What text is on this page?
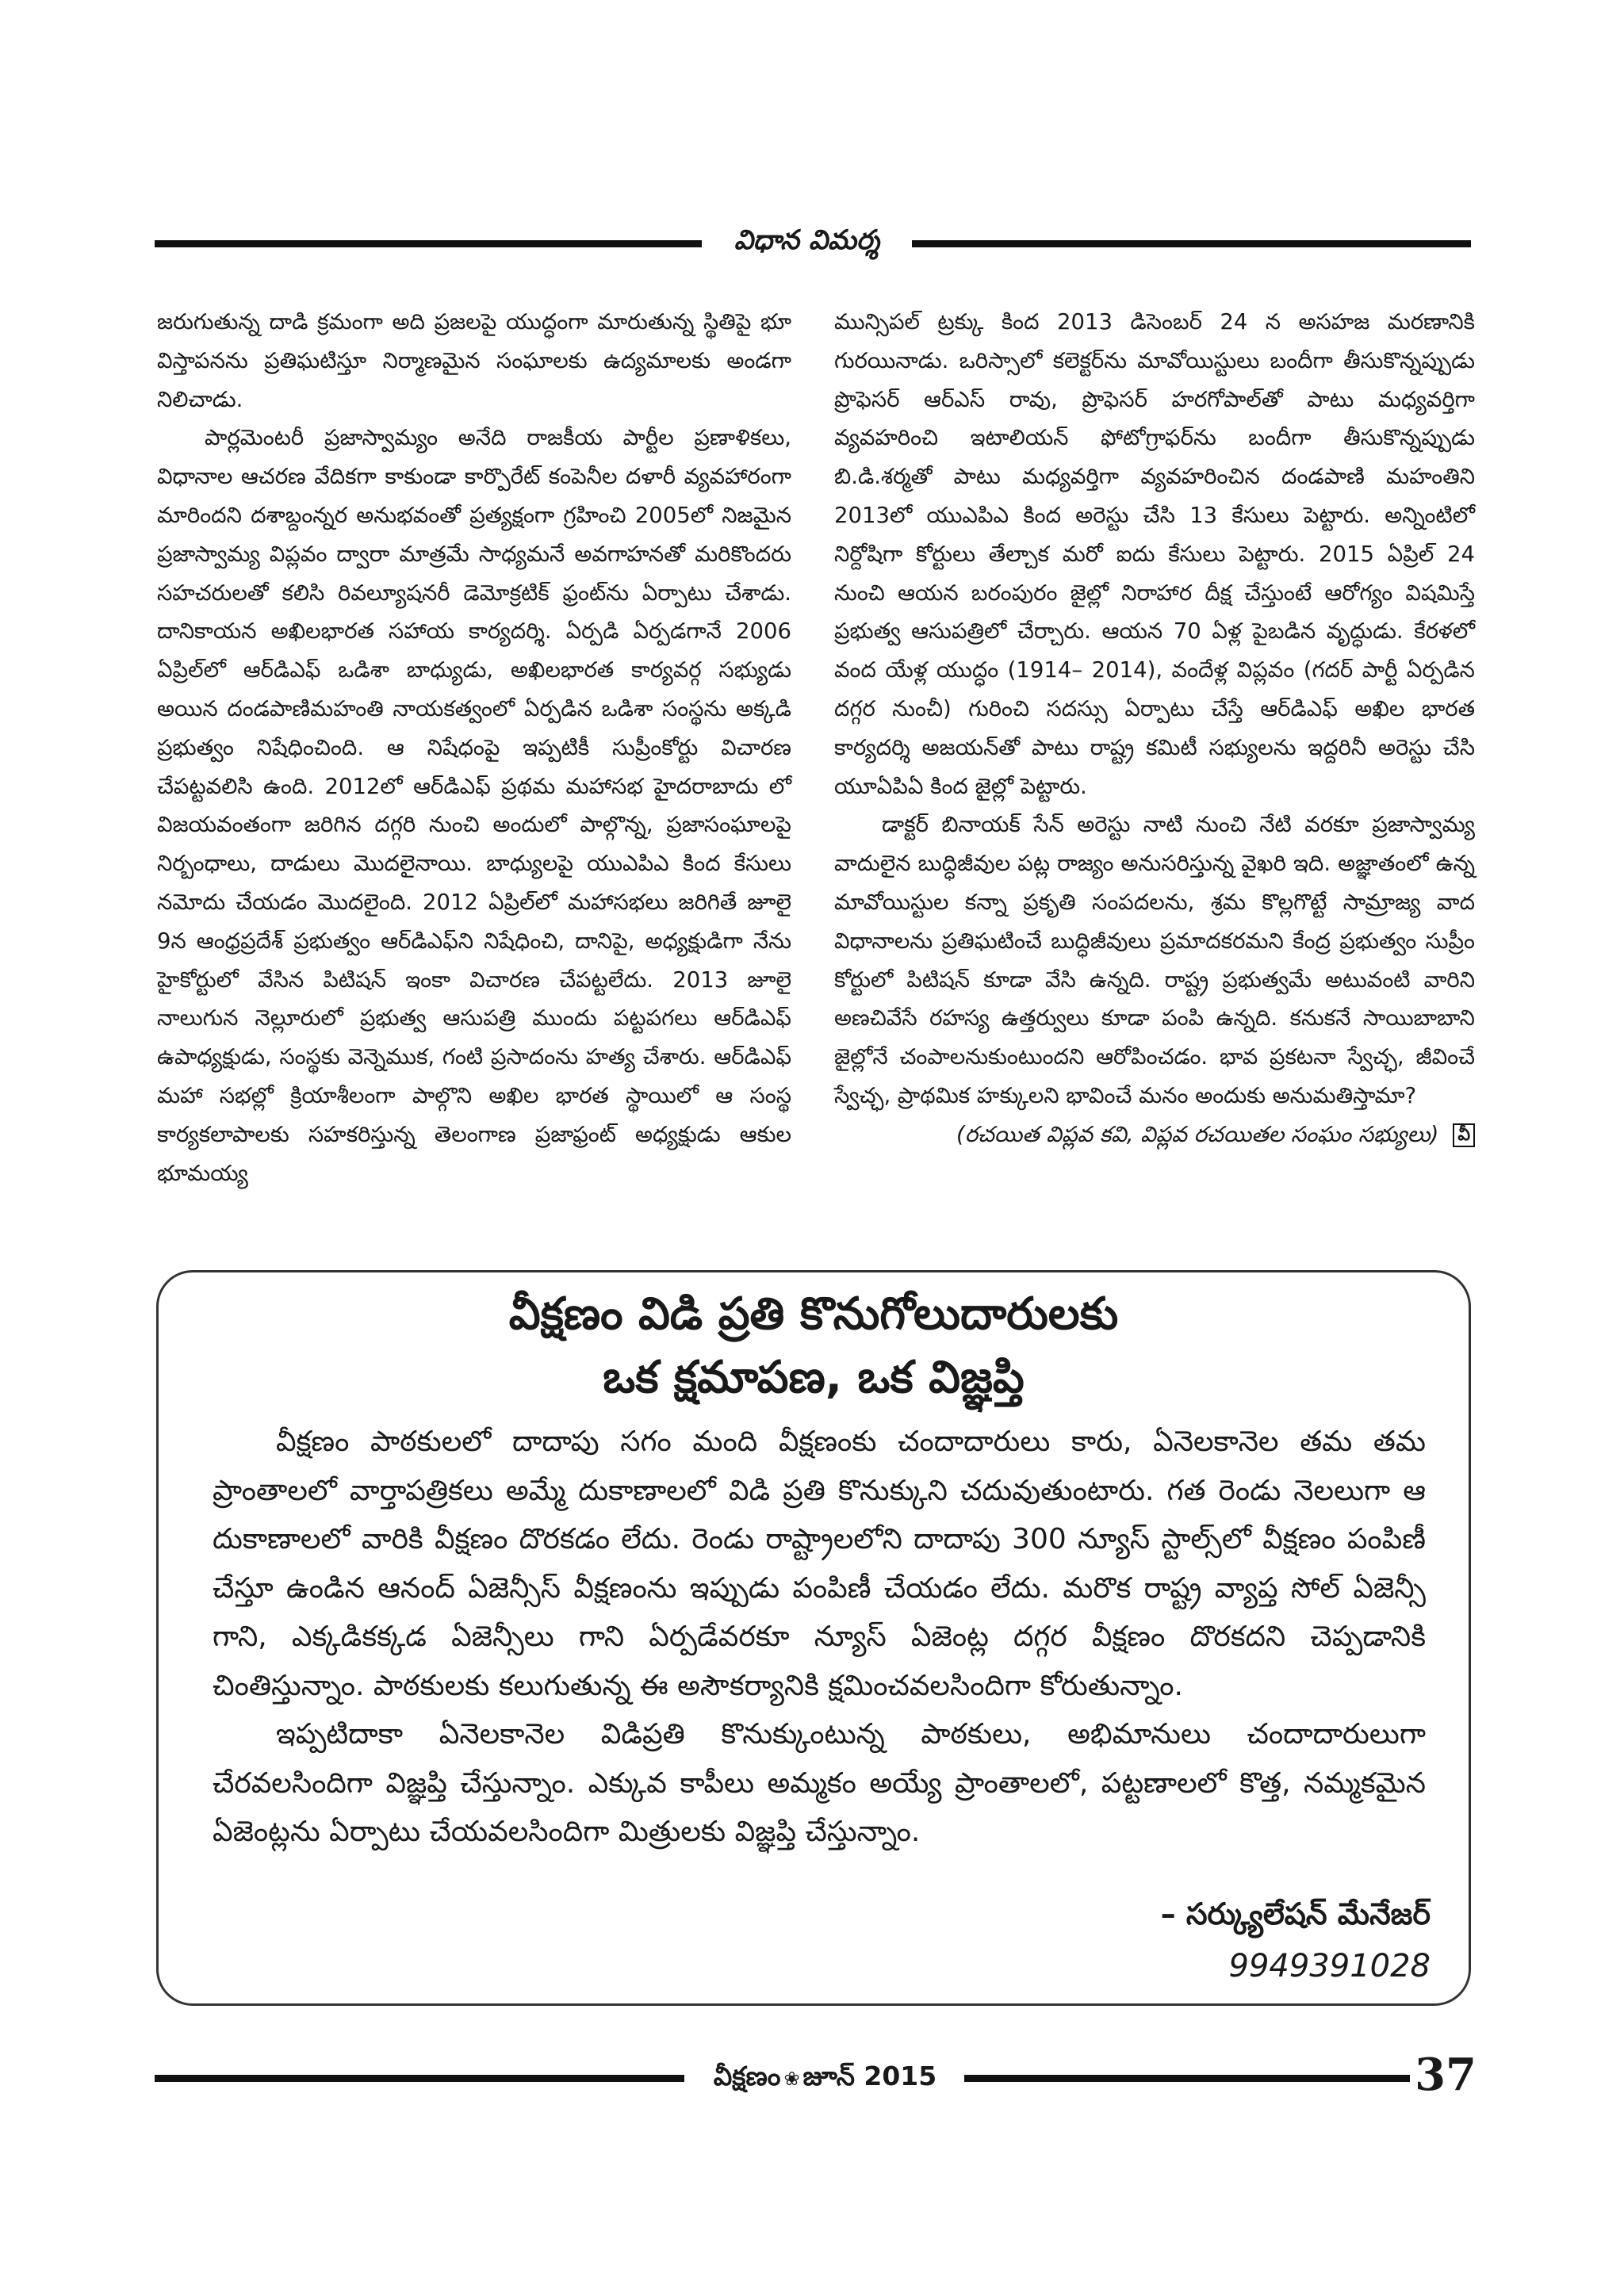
విధాన విమర్శ

జరుగుతున్న దాడి క్రమంగా అది ప్రజలపై యుద్ధంగా మారుతున్న స్థితిపై భూ విస్తాపనను ప్రతిఘటిస్తూ నిర్మాణమైన సంఘాలకు ఉద్యమాలకు అండగా నిలిచాడు.

పార్లమెంటరీ ప్రజాస్వామ్యం అనేది రాజకీయ పార్టీల ప్రణాళికలు, విధానాల ఆచరణ వేదికగా కాకుండా కార్పొరేట్ కంపెనీల దళారీ వ్యవహారంగా మారిందని దశాబ్దంన్నర అనుభవంతో ప్రత్యక్షంగా గ్రహించి 2005లో నిజమైన ప్రజాస్వామ్య విప్లవం ద్వారా మాత్రమే సాధ్యమనే అవగాహనతో మరికొందరు సహచరులతో కలిసి రివల్యూషనరీ డెమోక్రటిక్ ఫ్రంట్‌ను ఏర్పాటు చేశాడు. దానికాయన అఖిలభారత సహాయ కార్యదర్శి. ఏర్పడి ఏర్పడగానే 2006 ఏప్రిల్‌లో ఆర్‌డిఎఫ్ ఒడిశా బాధ్యుడు, అఖిలభారత కార్యవర్గ సభ్యుడు అయిన దండపాణిమహంతి నాయకత్వంలో ఏర్పడిన ఒడిశా సంస్థను అక్కడి ప్రభుత్వం నిషేధించింది. ఆ నిషేధంపై ఇప్పటికీ సుప్రీంకోర్టు విచారణ చేపట్టవలిసి ఉంది. 2012లో ఆర్‌డిఎఫ్ ప్రథమ మహాసభ హైదరాబాదు లో విజయవంతంగా జరిగిన దగ్గరి నుంచి అందులో పాల్గొన్న, ప్రజాసంఘాలపై నిర్బంధాలు, దాడులు మొదలైనాయి. బాధ్యులపై యుఎపిఎ కింద కేసులు నమోదు చేయడం మొదలైంది. 2012 ఏప్రిల్‌లో మహాసభలు జరిగితే జూలై 9న ఆంధ్రప్రదేశ్ ప్రభుత్వం ఆర్‌డిఎఫ్‌ని నిషేధించి, దానిపై, అధ్యక్షుడిగా నేను హైకోర్టులో వేసిన పిటిషన్ ఇంకా విచారణ చేపట్టలేదు. 2013 జూలై నాలుగున నెల్లూరులో ప్రభుత్వ ఆసుపత్రి ముందు పట్టపగలు ఆర్‌డిఎఫ్ ఉపాధ్యక్షుడు, సంస్థకు వెన్నెముక, గంటి ప్రసాదంను హత్య చేశారు. ఆర్‌డిఎఫ్ మహా సభల్లో క్రియాశీలంగా పాల్గొని అఖిల భారత స్థాయిలో ఆ సంస్థ కార్యకలాపాలకు సహకరిస్తున్న తెలంగాణ ప్రజాఫ్రంట్ అధ్యక్షుడు ఆకుల భూమయ్య

మున్సిపల్ ట్రక్కు కింద 2013 డిసెంబర్ 24 న అసహజ మరణానికి గురయినాడు. ఒరిస్సాలో కలెక్టర్‌ను మావోయిస్టులు బందీగా తీసుకొన్నప్పుడు ప్రొఫెసర్ ఆర్‌ఎస్ రావు, ప్రొఫెసర్ హరగోపాల్‌తో పాటు మధ్యవర్తిగా వ్యవహరించి ఇటాలియన్ ఫోటోగ్రాఫర్‌ను బందీగా తీసుకొన్నప్పుడు బి.డి.శర్మతో పాటు మధ్యవర్తిగా వ్యవహరించిన దండపాణి మహంతిని 2013లో యుఎపిఎ కింద అరెస్టు చేసి 13 కేసులు పెట్టారు. అన్నింటిలో నిర్దోషిగా కోర్టులు తేల్చాక మరో ఐదు కేసులు పెట్టారు. 2015 ఏప్రిల్ 24 నుంచి ఆయన బరంపురం జైల్లో నిరాహార దీక్ష చేస్తుంటే ఆరోగ్యం విషమిస్తే ప్రభుత్వ ఆసుపత్రిలో చేర్చారు. ఆయన 70 ఏళ్ల పైబడిన వృద్ధుడు. కేరళలో వంద యేళ్ల యుద్ధం (1914– 2014), వందేళ్ల విప్లవం (గదర్ పార్టీ ఏర్పడిన దగ్గర నుంచీ) గురించి సదస్సు ఏర్పాటు చేస్తే ఆర్‌డిఎఫ్ అఖిల భారత కార్యదర్శి అజయన్‌తో పాటు రాష్ట్ర కమిటీ సభ్యులను ఇద్దరినీ అరెస్టు చేసి యూఏపిఏ కింద జైల్లో పెట్టారు.

డాక్టర్ బినాయక్ సేన్ అరెస్టు నాటి నుంచి నేటి వరకూ ప్రజాస్వామ్య వాదులైన బుద్ధిజీవుల పట్ల రాజ్యం అనుసరిస్తున్న వైఖరి ఇది. అజ్ఞాతంలో ఉన్న మావోయిస్టుల కన్నా ప్రకృతి సంపదలను, శ్రమ కొల్లగొట్టే సామ్రాజ్య వాద విధానాలను ప్రతిఘటించే బుద్ధిజీవులు ప్రమాదకరమని కేంద్ర ప్రభుత్వం సుప్రీం కోర్టులో పిటిషన్ కూడా వేసి ఉన్నది. రాష్ట్ర ప్రభుత్వమే అటువంటి వారిని అణచివేసే రహస్య ఉత్తర్వులు కూడా పంపి ఉన్నది. కనుకనే సాయిబాబాని జైల్లోనే చంపాలనుకుంటుందని ఆరోపించడం. భావ ప్రకటనా స్వేచ్ఛ, జీవించే స్వేచ్ఛ, ప్రాథమిక హక్కులని భావించే మనం అందుకు అనుమతిస్తామా?

(రచయిత విప్లవ కవి, విప్లవ రచయితల సంఘం సభ్యులు) వీ

వీక్షణం విడి ప్రతి కొనుగోలుదారులకు
ఒక క్షమాపణ, ఒక విజ్ఞప్తి

వీక్షణం పాఠకులలో దాదాపు సగం మంది వీక్షణంకు చందాదారులు కారు, ఏనెలకానెల తమ తమ ప్రాంతాలలో వార్తాపత్రికలు అమ్మే దుకాణాలలో విడి ప్రతి కొనుక్కుని చదువుతుంటారు. గత రెండు నెలలుగా ఆ దుకాణాలలో వారికి వీక్షణం దొరకడం లేదు. రెండు రాష్ట్రాలలోని దాదాపు 300 న్యూస్ స్టాల్స్‌లో వీక్షణం పంపిణీ చేస్తూ ఉండిన ఆనంద్ ఏజెన్సీస్ వీక్షణంను ఇప్పుడు పంపిణీ చేయడం లేదు. మరొక రాష్ట్ర వ్యాప్త సోల్ ఏజెన్సీ గాని, ఎక్కడికక్కడ ఏజెన్సీలు గాని ఏర్పడేవరకూ న్యూస్ ఏజెంట్ల దగ్గర వీక్షణం దొరకదని చెప్పడానికి చింతిస్తున్నాం. పాఠకులకు కలుగుతున్న ఈ అసౌకర్యానికి క్షమించవలసిందిగా కోరుతున్నాం.

ఇప్పటిదాకా ఏనెలకానెల విడిప్రతి కొనుక్కుంటున్న పాఠకులు, అభిమానులు చందాదారులుగా చేరవలసిందిగా విజ్ఞప్తి చేస్తున్నాం. ఎక్కువ కాపీలు అమ్మకం అయ్యే ప్రాంతాలలో, పట్టణాలలో కొత్త, నమ్మకమైన ఏజెంట్లను ఏర్పాటు చేయవలసిందిగా మిత్రులకు విజ్ఞప్తి చేస్తున్నాం.

– సర్క్యులేషన్ మేనేజర్
9949391028
వీక్షణం ❀ జూన్ 2015	37
